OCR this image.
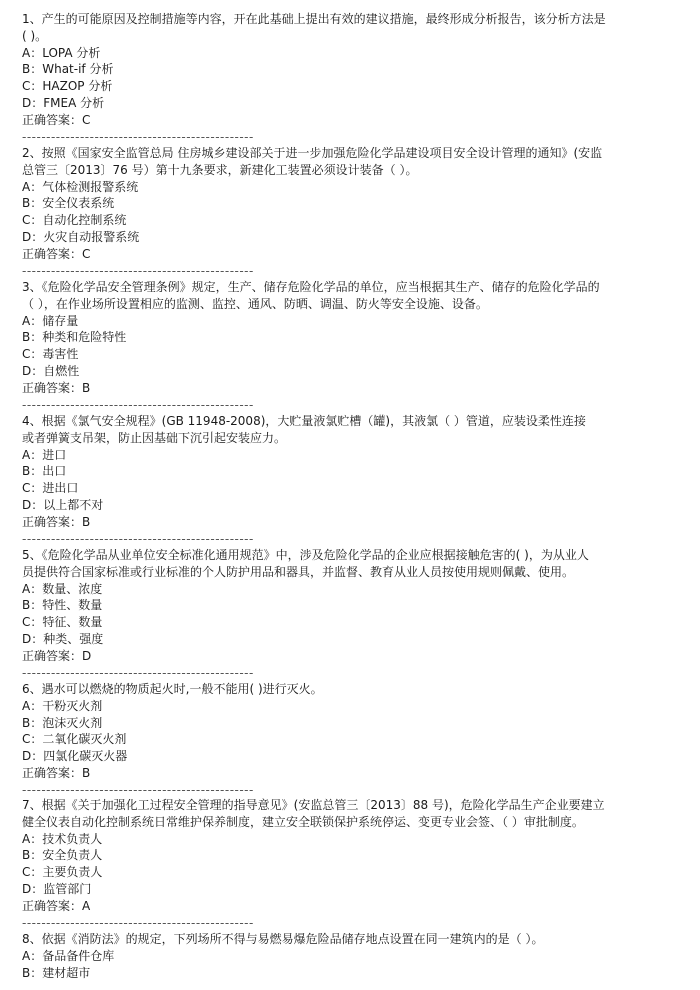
1、产生的可能原因及控制措施等内容，开在此基础上提出有效的建议措施，最终形成分析报告，该分析方法是
( )。
A：LOPA 分析
B：What-if 分析
C：HAZOP 分析
D：FMEA 分析
正确答案：C
------------------------------------------------
2、按照《国家安全监管总局 住房城乡建设部关于进一步加强危险化学品建设项目安全设计管理的通知》(安监
总管三〔2013〕76 号）第十九条要求，新建化工装置必须设计装备（ ）。
A：气体检测报警系统
B：安全仪表系统
C：自动化控制系统
D：火灾自动报警系统
正确答案：C
------------------------------------------------
3、《危险化学品安全管理条例》规定，生产、储存危险化学品的单位，应当根据其生产、储存的危险化学品的
（ ），在作业场所设置相应的监测、监控、通风、防晒、调温、防火等安全设施、设备。
A：储存量
B：种类和危险特性
C：毒害性
D：自燃性
正确答案：B
------------------------------------------------
4、根据《氯气安全规程》(GB 11948-2008)，大贮量液氯贮槽（罐)，其液氯（ ）管道，应装设柔性连接
或者弹簧支吊架，防止因基础下沉引起安装应力。
A：进口
B：出口
C：进出口
D：以上都不对
正确答案：B
------------------------------------------------
5、《危险化学品从业单位安全标准化通用规范》中，涉及危险化学品的企业应根据接触危害的( )，为从业人
员提供符合国家标准或行业标准的个人防护用品和器具，并监督、教育从业人员按使用规则佩戴、使用。
A：数量、浓度
B：特性、数量
C：特征、数量
D：种类、强度
正确答案：D
------------------------------------------------
6、遇水可以燃烧的物质起火时,一般不能用( )进行灭火。
A：干粉灭火剂
B：泡沫灭火剂
C：二氧化碳灭火剂
D：四氯化碳灭火器
正确答案：B
------------------------------------------------
7、根据《关于加强化工过程安全管理的指导意见》(安监总管三〔2013〕88 号)，危险化学品生产企业要建立
健全仪表自动化控制系统日常维护保养制度，建立安全联锁保护系统停运、变更专业会签、（ ）审批制度。
A：技术负责人
B：安全负责人
C：主要负责人
D：监管部门
正确答案：A
------------------------------------------------
8、依据《消防法》的规定，下列场所不得与易燃易爆危险品储存地点设置在同一建筑内的是（ ）。
A：备品备件仓库
B：建材超市
